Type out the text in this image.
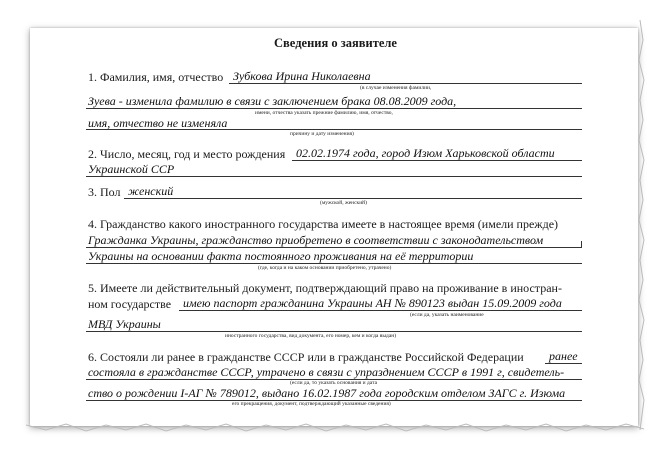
Сведения о заявителе
1. Фамилия, имя, отчество Зубкова Ирина Николаевна
(в случае изменения фамилии,
Зуева - изменила фамилию в связи с заключением брака 08.08.2009 года,
имени, отчества указать прежние фамилию, имя, отчество,
имя, отчество не изменяла
причину и дату изменения)
2. Число, месяц, год и место рождения 02.02.1974 года, город Изюм Харьковской области
Украинской ССР
3. Пол женский
(мужской, женский)
4. Гражданство какого иностранного государства имеете в настоящее время (имели прежде)
Гражданка Украины, гражданство приобретено в соответствии с законодательством
Украины на основании факта постоянного проживания на её территории
(где, когда и на каком основании приобретено, утрачено)
5. Имеете ли действительный документ, подтверждающий право на проживание в иностран-
ном государстве имею паспорт гражданина Украины АН № 890123 выдан 15.09.2009 года
(если да, указать наименование
МВД Украины
иностранного государства, вид документа, его номер, кем и когда выдан)
6. Состояли ли ранее в гражданстве СССР или в гражданстве Российской Федерации ранее
состояла в гражданстве СССР, утрачено в связи с упразднением СССР в 1991 г, свидетель-
(если да, то указать основания и дата
ство о рождении I-АГ № 789012, выдано 16.02.1987 года городским отделом ЗАГС г. Изюма
его прекращения, документ, подтверждающий указанные сведения)
